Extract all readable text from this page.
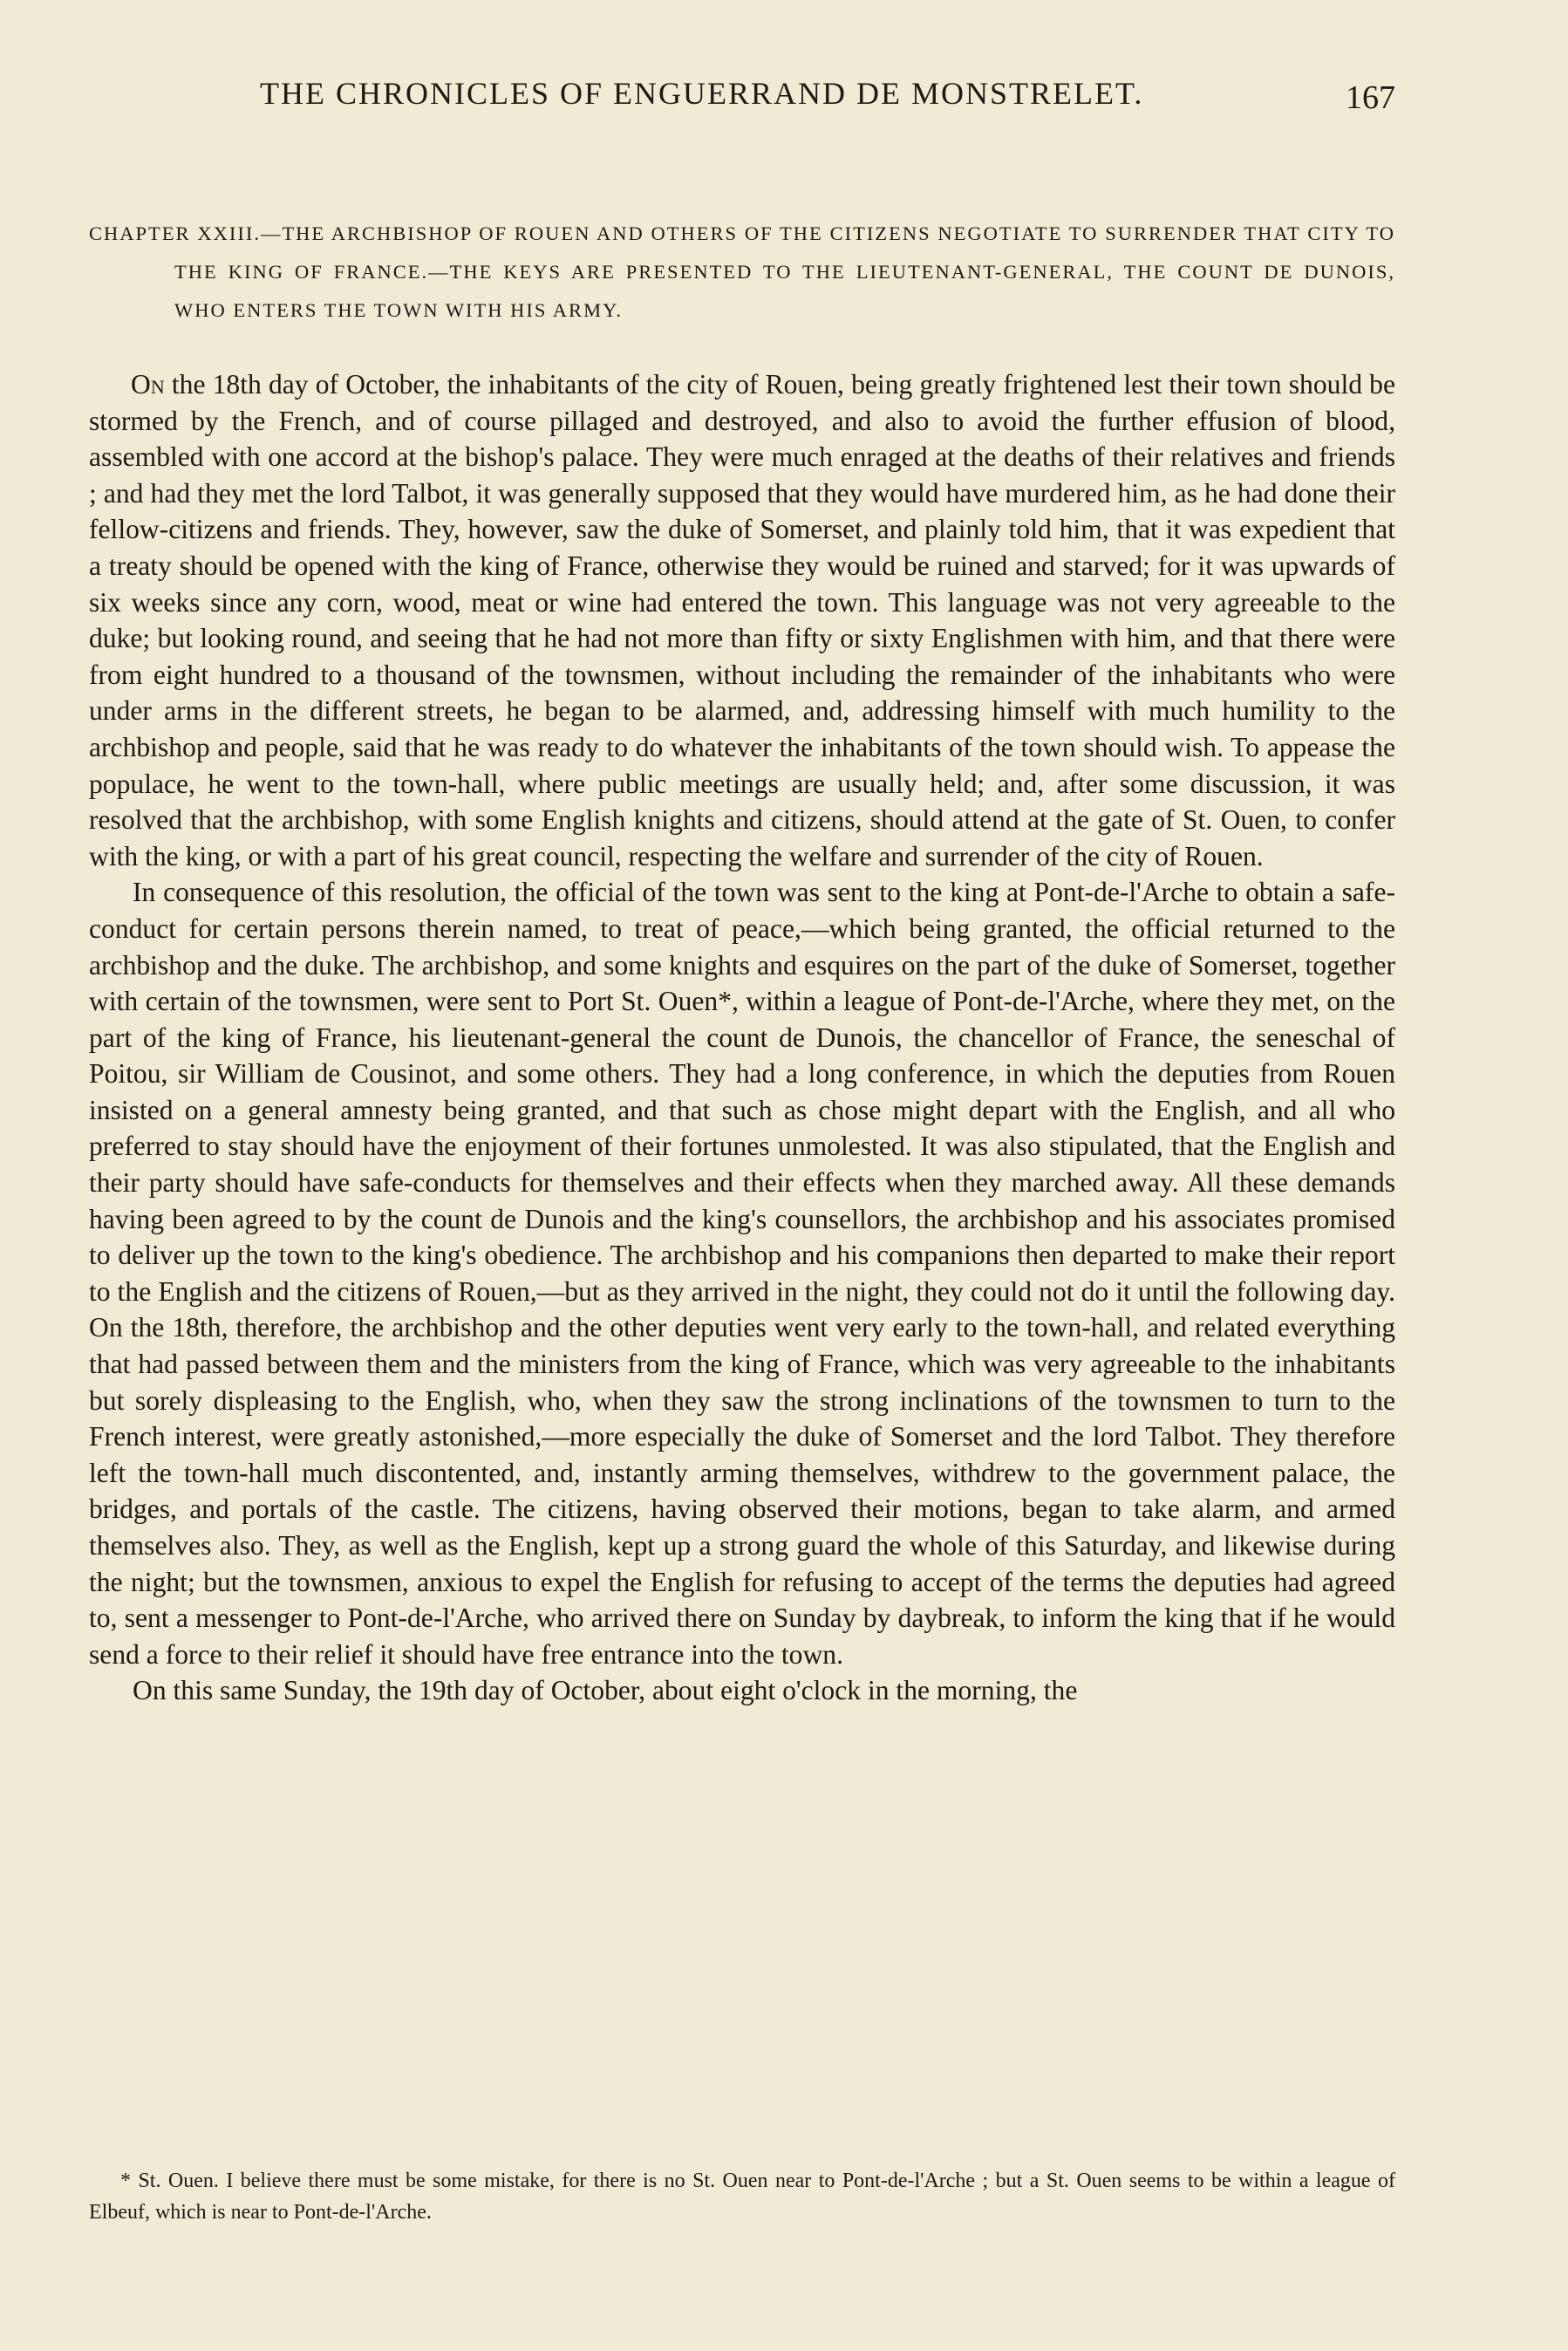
THE CHRONICLES OF ENGUERRAND DE MONSTRELET.	167
CHAPTER XXIII.—THE ARCHBISHOP OF ROUEN AND OTHERS OF THE CITIZENS NEGOTIATE TO SURRENDER THAT CITY TO THE KING OF FRANCE.—THE KEYS ARE PRESENTED TO THE LIEUTENANT-GENERAL, THE COUNT DE DUNOIS, WHO ENTERS THE TOWN WITH HIS ARMY.

On the 18th day of October, the inhabitants of the city of Rouen, being greatly frightened lest their town should be stormed by the French, and of course pillaged and destroyed, and also to avoid the further effusion of blood, assembled with one accord at the bishop's palace. They were much enraged at the deaths of their relatives and friends ; and had they met the lord Talbot, it was generally supposed that they would have murdered him, as he had done their fellow-citizens and friends. They, however, saw the duke of Somerset, and plainly told him, that it was expedient that a treaty should be opened with the king of France, otherwise they would be ruined and starved; for it was upwards of six weeks since any corn, wood, meat or wine had entered the town. This language was not very agreeable to the duke; but looking round, and seeing that he had not more than fifty or sixty Englishmen with him, and that there were from eight hundred to a thousand of the townsmen, without including the remainder of the inhabitants who were under arms in the different streets, he began to be alarmed, and, addressing himself with much humility to the archbishop and people, said that he was ready to do whatever the inhabitants of the town should wish. To appease the populace, he went to the town-hall, where public meetings are usually held; and, after some discussion, it was resolved that the archbishop, with some English knights and citizens, should attend at the gate of St. Ouen, to confer with the king, or with a part of his great council, respecting the welfare and surrender of the city of Rouen.

In consequence of this resolution, the official of the town was sent to the king at Pont-de-l'Arche to obtain a safe-conduct for certain persons therein named, to treat of peace,—which being granted, the official returned to the archbishop and the duke. The archbishop, and some knights and esquires on the part of the duke of Somerset, together with certain of the townsmen, were sent to Port St. Ouen*, within a league of Pont-de-l'Arche, where they met, on the part of the king of France, his lieutenant-general the count de Dunois, the chancellor of France, the seneschal of Poitou, sir William de Cousinot, and some others. They had a long conference, in which the deputies from Rouen insisted on a general amnesty being granted, and that such as chose might depart with the English, and all who preferred to stay should have the enjoyment of their fortunes unmolested. It was also stipulated, that the English and their party should have safe-conducts for themselves and their effects when they marched away. All these demands having been agreed to by the count de Dunois and the king's counsellors, the archbishop and his associates promised to deliver up the town to the king's obedience. The archbishop and his companions then departed to make their report to the English and the citizens of Rouen,—but as they arrived in the night, they could not do it until the following day. On the 18th, therefore, the archbishop and the other deputies went very early to the town-hall, and related everything that had passed between them and the ministers from the king of France, which was very agreeable to the inhabitants but sorely displeasing to the English, who, when they saw the strong inclinations of the townsmen to turn to the French interest, were greatly astonished,—more especially the duke of Somerset and the lord Talbot. They therefore left the town-hall much discontented, and, instantly arming themselves, withdrew to the government palace, the bridges, and portals of the castle. The citizens, having observed their motions, began to take alarm, and armed themselves also. They, as well as the English, kept up a strong guard the whole of this Saturday, and likewise during the night; but the townsmen, anxious to expel the English for refusing to accept of the terms the deputies had agreed to, sent a messenger to Pont-de-l'Arche, who arrived there on Sunday by daybreak, to inform the king that if he would send a force to their relief it should have free entrance into the town.

On this same Sunday, the 19th day of October, about eight o'clock in the morning, the

* St. Ouen. I believe there must be some mistake, for there is no St. Ouen near to Pont-de-l'Arche ; but a St. Ouen seems to be within a league of Elbeuf, which is near to Pont-de-l'Arche.
